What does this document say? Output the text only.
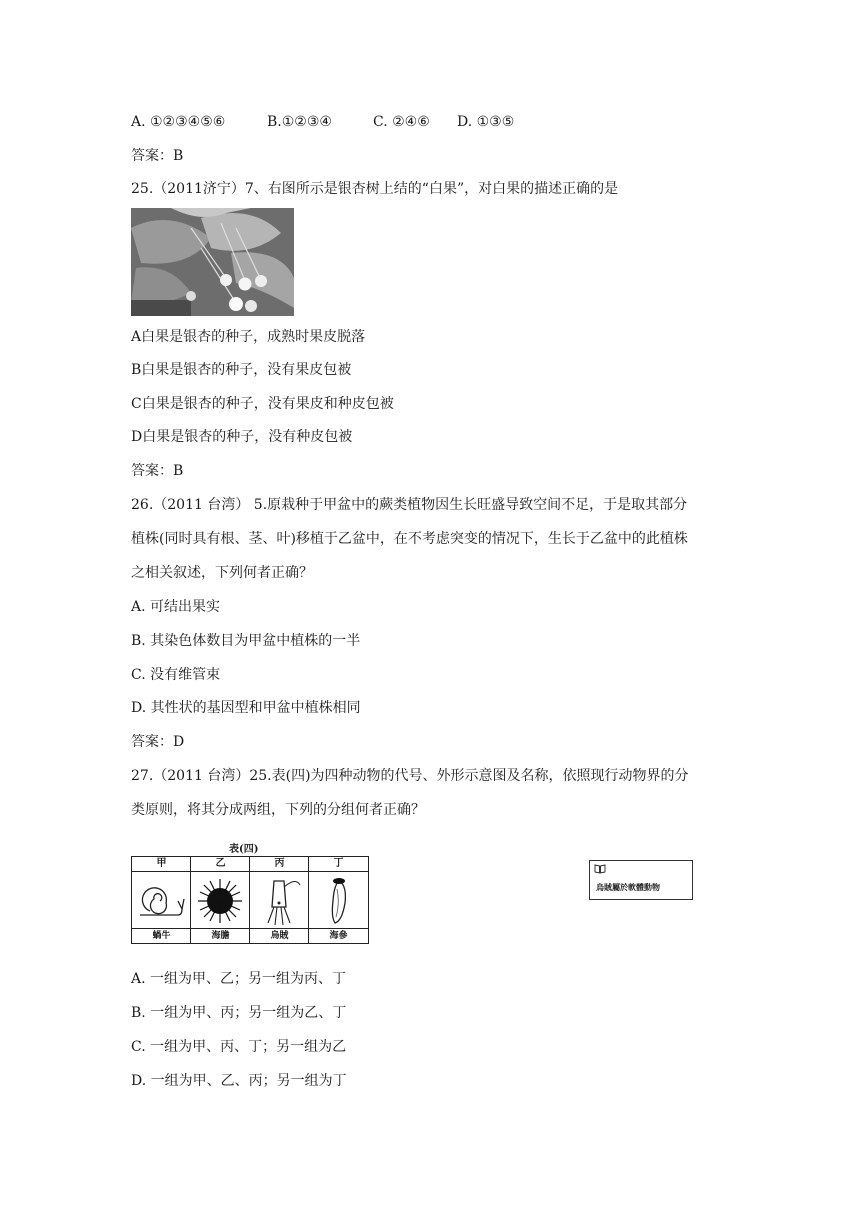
A. ①②③④⑤⑥	B.①②③④	C. ②④⑥ D. ①③⑤
答案：B
25.（2011济宁）7、右图所示是银杏树上结的“白果”，对白果的描述正确的是
A白果是银杏的种子，成熟时果皮脱落
B白果是银杏的种子，没有果皮包被
C白果是银杏的种子，没有果皮和种皮包被
D白果是银杏的种子，没有种皮包被
答案：B
26.（2011 台湾） 5.原栽种于甲盆中的蕨类植物因生长旺盛导致空间不足，于是取其部分
植株(同时具有根、茎、叶)移植于乙盆中，在不考虑突变的情况下，生长于乙盆中的此植株
之相关叙述，下列何者正确？
A. 可结出果实
B. 其染色体数目为甲盆中植株的一半
C. 没有维管束
D. 其性状的基因型和甲盆中植株相同
答案：D
27.（2011 台湾）25.表(四)为四种动物的代号、外形示意图及名称，依照现行动物界的分
类原则，将其分成两组，下列的分组何者正确？
表(四)
甲	乙	丙	丁
蝸牛	海膽	烏賊	海參
烏賊屬於軟體動物
A. 一组为甲、乙；另一组为丙、丁
B. 一组为甲、丙；另一组为乙、丁
C. 一组为甲、丙、丁；另一组为乙
D. 一组为甲、乙、丙；另一组为丁
